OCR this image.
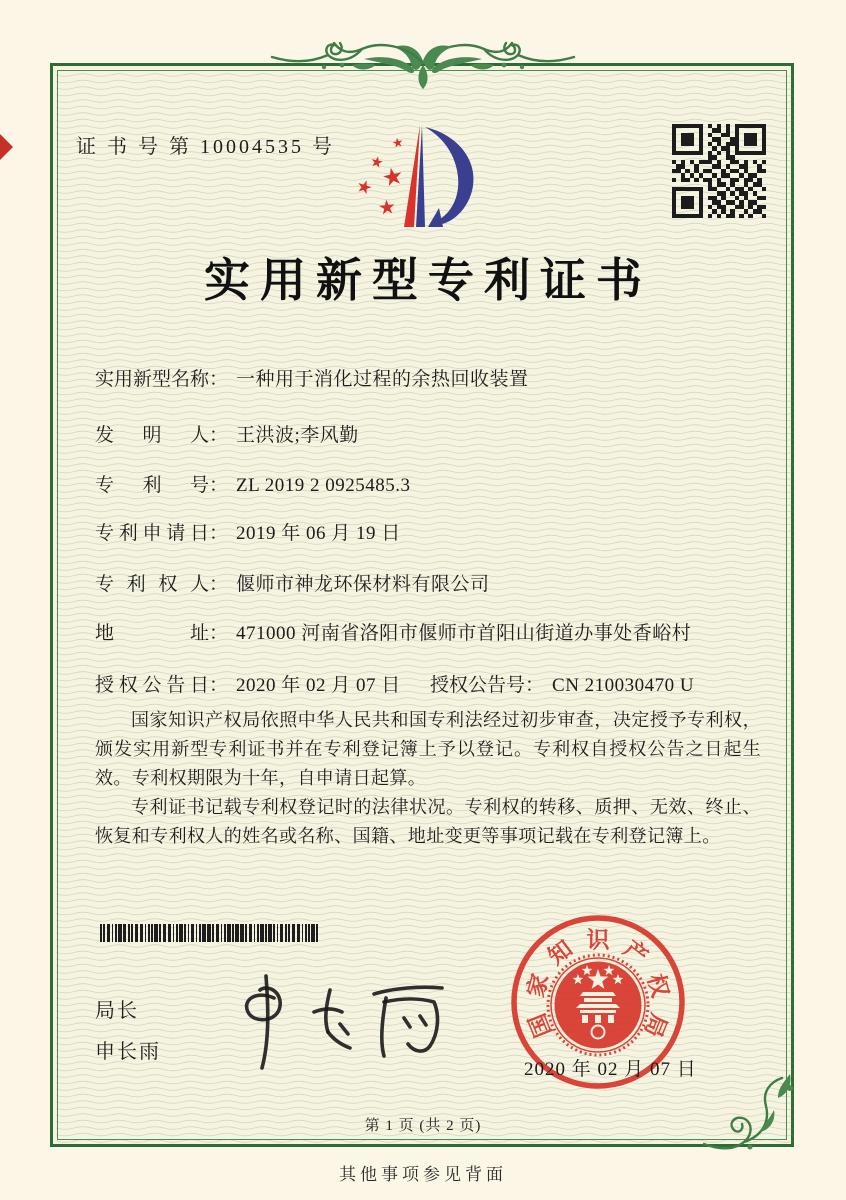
证 书 号 第 10004535 号	★
★
★
★
★
实用新型专利证书
实用新型名称： 一种用于消化过程的余热回收装置
发明人： 王洪波;李风勤
专利号： ZL 2019 2 0925485.3
专利申请日： 2019 年 06 月 19 日
专利权人： 偃师市神龙环保材料有限公司
地址： 471000 河南省洛阳市偃师市首阳山街道办事处香峪村
授权公告日： 2020 年 02 月 07 日 授权公告号： CN 210030470 U

国家知识产权局依照中华人民共和国专利法经过初步审查，决定授予专利权，颁发实用新型专利证书并在专利登记簿上予以登记。专利权自授权公告之日起生效。专利权期限为十年，自申请日起算。

专利证书记载专利权登记时的法律状况。专利权的转移、质押、无效、终止、恢复和专利权人的姓名或名称、国籍、地址变更等事项记载在专利登记簿上。

局长
申长雨
国
家
知 识 产
权
局
2020 年 02 月 07 日
第 1 页 (共 2 页)
其他事项参见背面
